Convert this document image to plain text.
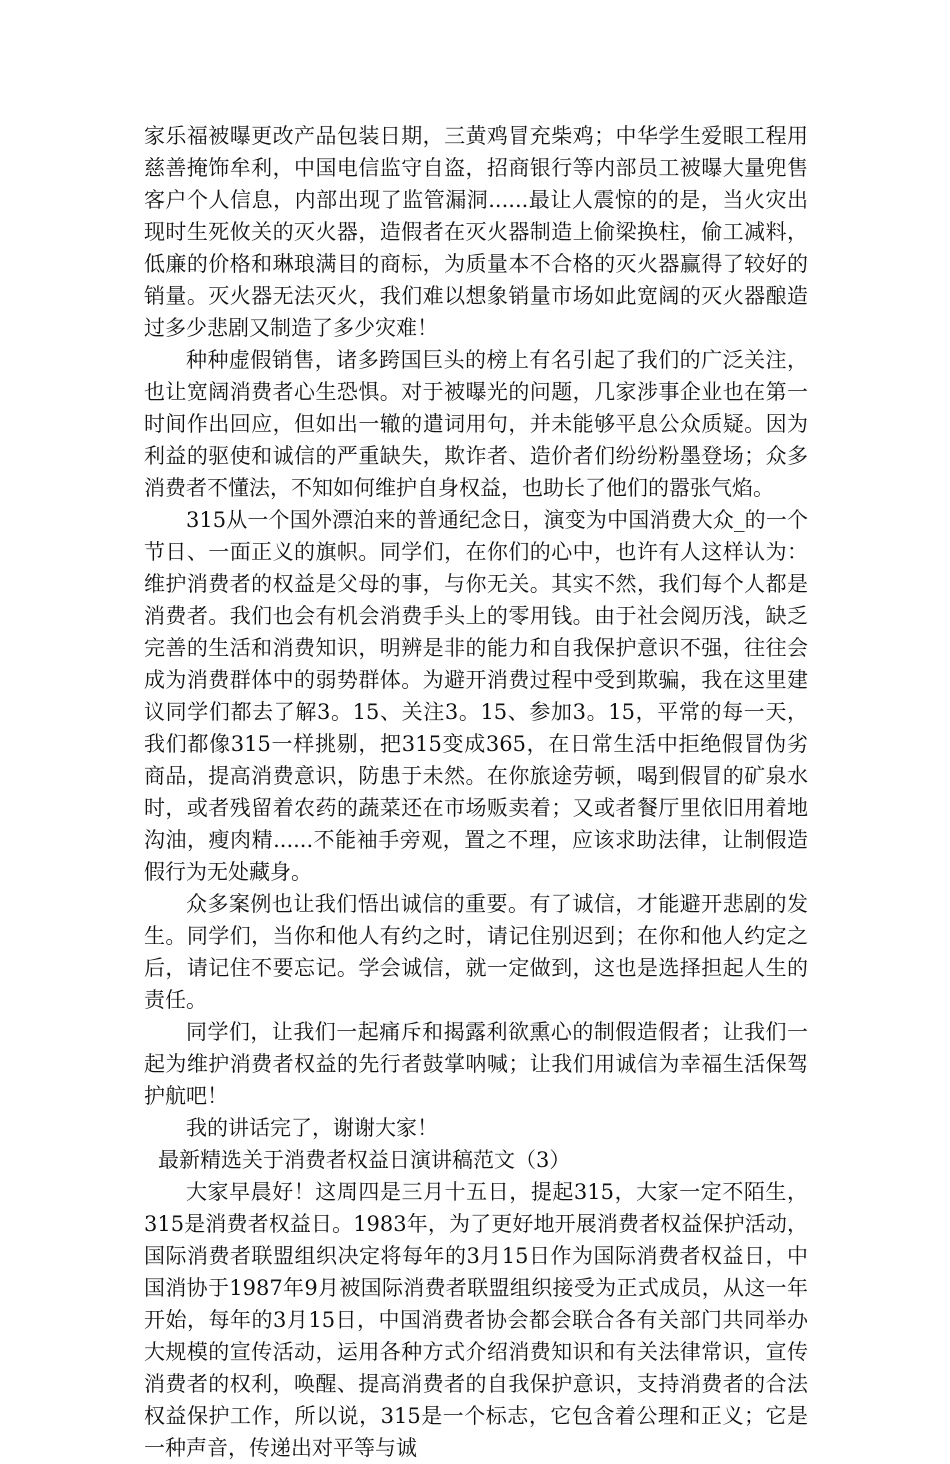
家乐福被曝更改产品包装日期，三黄鸡冒充柴鸡；中华学生爱眼工程用慈善掩饰牟利，中国电信监守自盗，招商银行等内部员工被曝大量兜售客户个人信息，内部出现了监管漏洞......最让人震惊的的是，当火灾出现时生死攸关的灭火器，造假者在灭火器制造上偷梁换柱，偷工减料，低廉的价格和琳琅满目的商标，为质量本不合格的灭火器赢得了较好的销量。灭火器无法灭火，我们难以想象销量市场如此宽阔的灭火器酿造过多少悲剧又制造了多少灾难！

种种虚假销售，诸多跨国巨头的榜上有名引起了我们的广泛关注，也让宽阔消费者心生恐惧。对于被曝光的问题，几家涉事企业也在第一时间作出回应，但如出一辙的遣词用句，并未能够平息公众质疑。因为利益的驱使和诚信的严重缺失，欺诈者、造价者们纷纷粉墨登场；众多消费者不懂法，不知如何维护自身权益，也助长了他们的嚣张气焰。

315从一个国外漂泊来的普通纪念日，演变为中国消费大众_的一个节日、一面正义的旗帜。同学们，在你们的心中，也许有人这样认为：维护消费者的权益是父母的事，与你无关。其实不然，我们每个人都是消费者。我们也会有机会消费手头上的零用钱。由于社会阅历浅，缺乏完善的生活和消费知识，明辨是非的能力和自我保护意识不强，往往会成为消费群体中的弱势群体。为避开消费过程中受到欺骗，我在这里建议同学们都去了解3。15、关注3。15、参加3。15，平常的每一天，我们都像315一样挑剔，把315变成365，在日常生活中拒绝假冒伪劣商品，提高消费意识，防患于未然。在你旅途劳顿，喝到假冒的矿泉水时，或者残留着农药的蔬菜还在市场贩卖着；又或者餐厅里依旧用着地沟油，瘦肉精......不能袖手旁观，置之不理，应该求助法律，让制假造假行为无处藏身。

众多案例也让我们悟出诚信的重要。有了诚信，才能避开悲剧的发生。同学们，当你和他人有约之时，请记住别迟到；在你和他人约定之后，请记住不要忘记。学会诚信，就一定做到，这也是选择担起人生的责任。

同学们，让我们一起痛斥和揭露利欲熏心的制假造假者；让我们一起为维护消费者权益的先行者鼓掌呐喊；让我们用诚信为幸福生活保驾护航吧！

我的讲话完了，谢谢大家！

最新精选关于消费者权益日演讲稿范文（3）

大家早晨好！这周四是三月十五日，提起315，大家一定不陌生，315是消费者权益日。1983年，为了更好地开展消费者权益保护活动，国际消费者联盟组织决定将每年的3月15日作为国际消费者权益日，中国消协于1987年9月被国际消费者联盟组织接受为正式成员，从这一年开始，每年的3月15日，中国消费者协会都会联合各有关部门共同举办大规模的宣传活动，运用各种方式介绍消费知识和有关法律常识，宣传消费者的权利，唤醒、提高消费者的自我保护意识，支持消费者的合法权益保护工作，所以说，315是一个标志，它包含着公理和正义；它是一种声音，传递出对平等与诚
